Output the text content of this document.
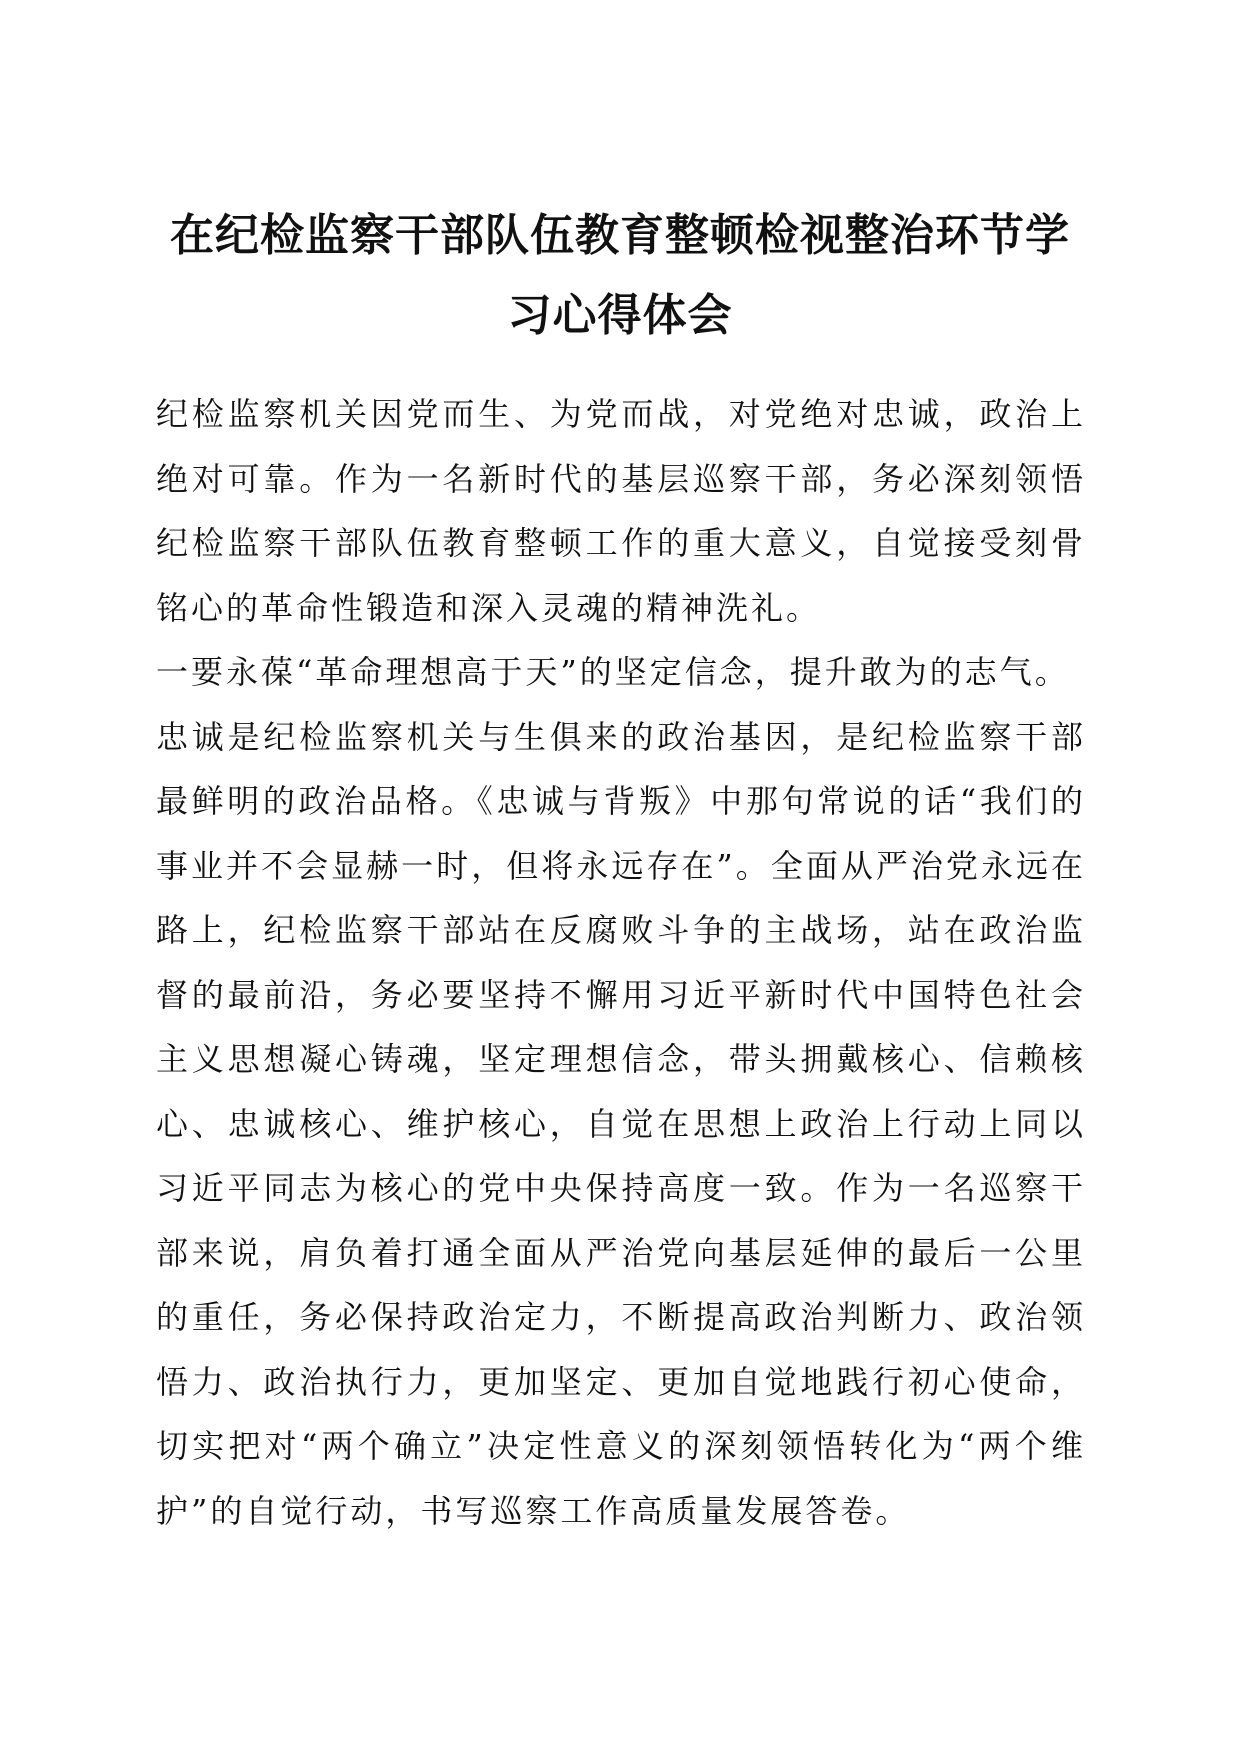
在纪检监察干部队伍教育整顿检视整治环节学习心得体会

纪检监察机关因党而生、为党而战，对党绝对忠诚，政治上绝对可靠。作为一名新时代的基层巡察干部，务必深刻领悟纪检监察干部队伍教育整顿工作的重大意义，自觉接受刻骨铭心的革命性锻造和深入灵魂的精神洗礼。

一要永葆“革命理想高于天”的坚定信念，提升敢为的志气。

忠诚是纪检监察机关与生俱来的政治基因，是纪检监察干部最鲜明的政治品格。《忠诚与背叛》中那句常说的话“我们的事业并不会显赫一时，但将永远存在”。全面从严治党永远在路上，纪检监察干部站在反腐败斗争的主战场，站在政治监督的最前沿，务必要坚持不懈用习近平新时代中国特色社会主义思想凝心铸魂，坚定理想信念，带头拥戴核心、信赖核心、忠诚核心、维护核心，自觉在思想上政治上行动上同以习近平同志为核心的党中央保持高度一致。作为一名巡察干部来说，肩负着打通全面从严治党向基层延伸的最后一公里的重任，务必保持政治定力，不断提高政治判断力、政治领悟力、政治执行力，更加坚定、更加自觉地践行初心使命，切实把对“两个确立”决定性意义的深刻领悟转化为“两个维护”的自觉行动，书写巡察工作高质量发展答卷。
